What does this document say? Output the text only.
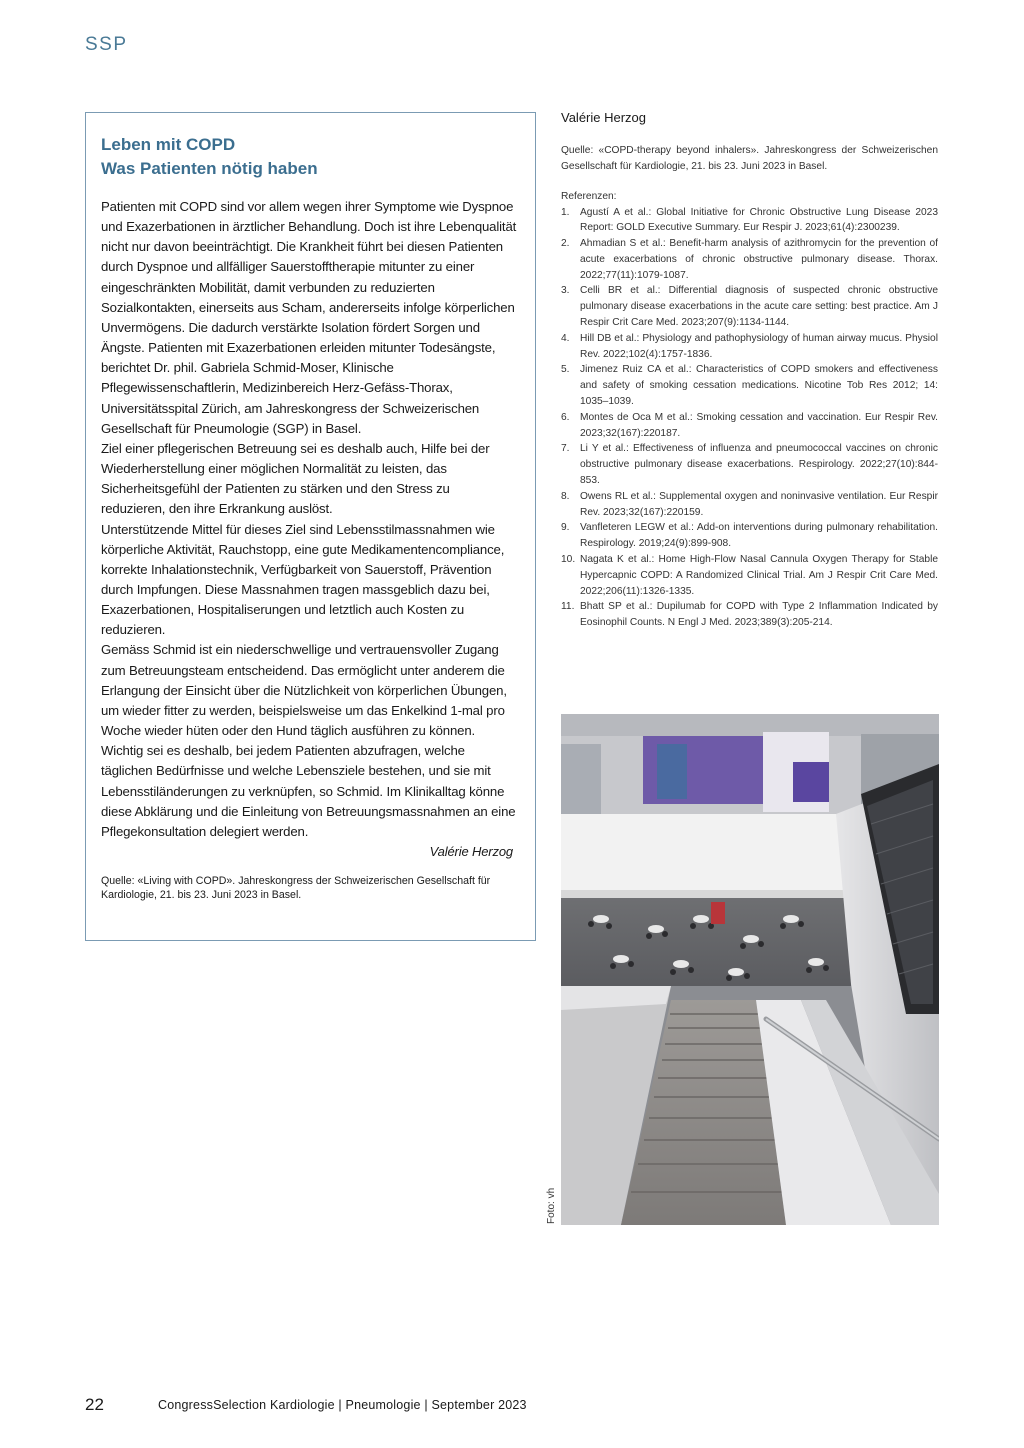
SSP
Leben mit COPD
Was Patienten nötig haben

Patienten mit COPD sind vor allem wegen ihrer Symptome wie Dyspnoe und Exazerbationen in ärztlicher Behandlung. Doch ist ihre Lebenqualität nicht nur davon beeinträchtigt. Die Krankheit führt bei diesen Patienten durch Dyspnoe und allfälliger Sauerstofftherapie mitunter zu einer eingeschränkten Mobilität, damit verbunden zu reduzierten Sozialkontakten, einerseits aus Scham, andererseits infolge körperlichen Unvermögens. Die dadurch verstärkte Isolation fördert Sorgen und Ängste. Patienten mit Exazerbationen erleiden mitunter Todesängste, berichtet Dr. phil. Gabriela Schmid-Moser, Klinische Pflegewissenschaftlerin, Medizinbereich Herz-Gefäss-Thorax, Universitätsspital Zürich, am Jahreskongress der Schweizerischen Gesellschaft für Pneumologie (SGP) in Basel.

Ziel einer pflegerischen Betreuung sei es deshalb auch, Hilfe bei der Wiederherstellung einer möglichen Normalität zu leisten, das Sicherheitsgefühl der Patienten zu stärken und den Stress zu reduzieren, den ihre Erkrankung auslöst.

Unterstützende Mittel für dieses Ziel sind Lebensstilmassnahmen wie körperliche Aktivität, Rauchstopp, eine gute Medikamentencompliance, korrekte Inhalationstechnik, Verfügbarkeit von Sauerstoff, Prävention durch Impfungen. Diese Massnahmen tragen massgeblich dazu bei, Exazerbationen, Hospitaliserungen und letztlich auch Kosten zu reduzieren.

Gemäss Schmid ist ein niederschwellige und vertrauensvoller Zugang zum Betreuungsteam entscheidend. Das ermöglicht unter anderem die Erlangung der Einsicht über die Nützlichkeit von körperlichen Übungen, um wieder fitter zu werden, beispielsweise um das Enkelkind 1-mal pro Woche wieder hüten oder den Hund täglich ausführen zu können.

Wichtig sei es deshalb, bei jedem Patienten abzufragen, welche täglichen Bedürfnisse und welche Lebensziele bestehen, und sie mit Lebensstiländerungen zu verknüpfen, so Schmid. Im Klinikalltag könne diese Abklärung und die Einleitung von Betreuungsmassnahmen an eine Pflegekonsultation delegiert werden.

Valérie Herzog
Quelle: «Living with COPD». Jahreskongress der Schweizerischen Gesellschaft für Kardiologie, 21. bis 23. Juni 2023 in Basel.
Valérie Herzog
Quelle: «COPD-therapy beyond inhalers». Jahreskongress der Schweizerischen Gesellschaft für Kardiologie, 21. bis 23. Juni 2023 in Basel.
Referenzen:
1.	Agustí A et al.: Global Initiative for Chronic Obstructive Lung Disease 2023 Report: GOLD Executive Summary. Eur Respir J. 2023;61(4):2300239.
2.	Ahmadian S et al.: Benefit-harm analysis of azithromycin for the prevention of acute exacerbations of chronic obstructive pulmonary disease. Thorax. 2022;77(11):1079-1087.
3.	Celli BR et al.: Differential diagnosis of suspected chronic obstructive pulmonary disease exacerbations in the acute care setting: best practice. Am J Respir Crit Care Med. 2023;207(9):1134-1144.
4.	Hill DB et al.: Physiology and pathophysiology of human airway mucus. Physiol Rev. 2022;102(4):1757-1836.
5.	Jimenez Ruiz CA et al.: Characteristics of COPD smokers and effectiveness and safety of smoking cessation medications. Nicotine Tob Res 2012; 14: 1035–1039.
6.	Montes de Oca M et al.: Smoking cessation and vaccination. Eur Respir Rev. 2023;32(167):220187.
7.	Li Y et al.: Effectiveness of influenza and pneumococcal vaccines on chronic obstructive pulmonary disease exacerbations. Respirology. 2022;27(10):844-853.
8.	Owens RL et al.: Supplemental oxygen and noninvasive ventilation. Eur Respir Rev. 2023;32(167):220159.
9.	Vanfleteren LEGW et al.: Add-on interventions during pulmonary rehabilitation. Respirology. 2019;24(9):899-908.
10. Nagata K et al.: Home High-Flow Nasal Cannula Oxygen Therapy for Stable Hypercapnic COPD: A Randomized Clinical Trial. Am J Respir Crit Care Med. 2022;206(11):1326-1335.
11. Bhatt SP et al.: Dupilumab for COPD with Type 2 Inflammation Indicated by Eosinophil Counts. N Engl J Med. 2023;389(3):205-214.
Foto: vh
22	CongressSelection Kardiologie | Pneumologie | September 2023
